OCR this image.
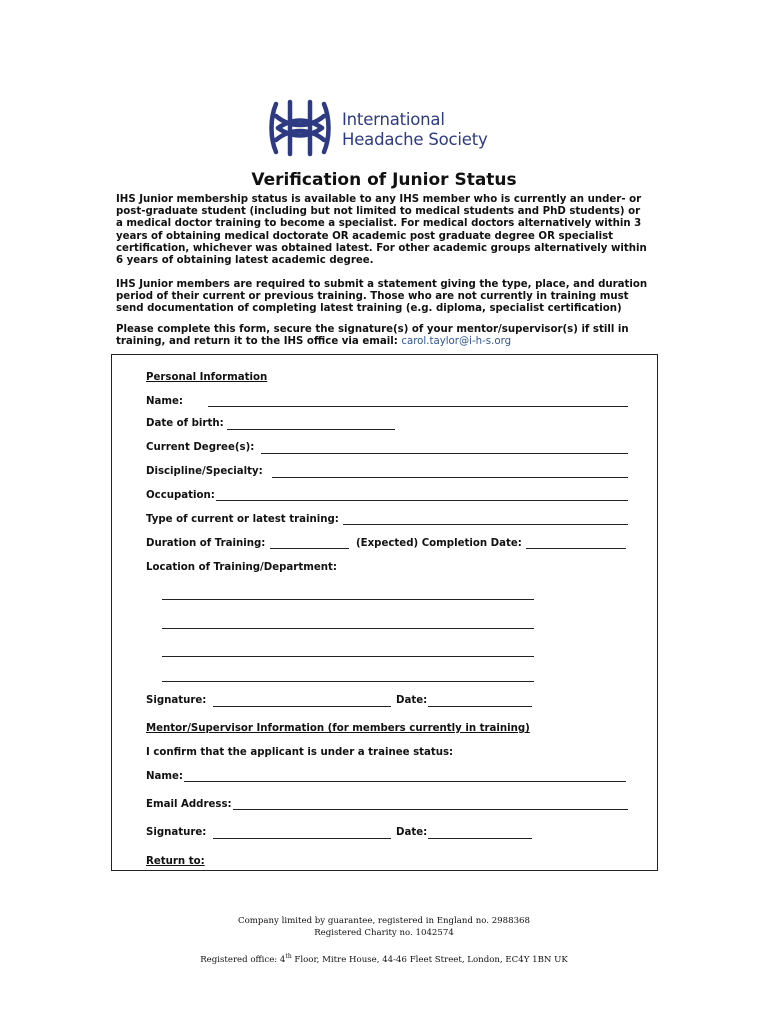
International
Headache Society
Verification of Junior Status
IHS Junior membership status is available to any IHS member who is currently an under- or
post-graduate student (including but not limited to medical students and PhD students) or
a medical doctor training to become a specialist. For medical doctors alternatively within 3
years of obtaining medical doctorate OR academic post graduate degree OR specialist
certification, whichever was obtained latest. For other academic groups alternatively within
6 years of obtaining latest academic degree.
IHS Junior members are required to submit a statement giving the type, place, and duration
period of their current or previous training. Those who are not currently in training must
send documentation of completing latest training (e.g. diploma, specialist certification)
Please complete this form, secure the signature(s) of your mentor/supervisor(s) if still in
training, and return it to the IHS office via email: carol.taylor@i-h-s.org
Personal Information
Name:
Date of birth:
Current Degree(s):
Discipline/Specialty:
Occupation:
Type of current or latest training:
Duration of Training:	(Expected) Completion Date:
Location of Training/Department:
Signature:	Date:
Mentor/Supervisor Information (for members currently in training)
I confirm that the applicant is under a trainee status:
Name:
Email Address:
Signature:	Date:
Return to:
Company limited by guarantee, registered in England no. 2988368
Registered Charity no. 1042574
Registered office: 4th Floor, Mitre House, 44-46 Fleet Street, London, EC4Y 1BN UK
